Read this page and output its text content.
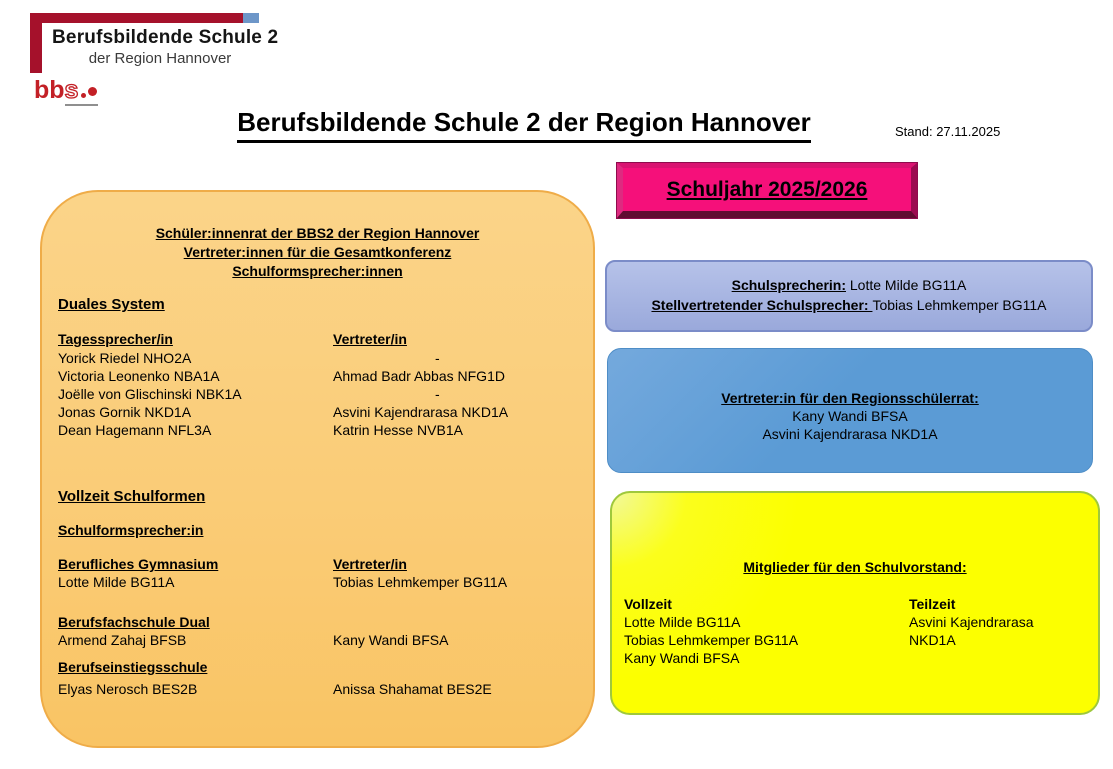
Berufsbildende Schule 2
der Region Hannover
bbs
Berufsbildende Schule 2 der Region Hannover	Stand: 27.11.2025
Schuljahr 2025/2026
Schüler:innenrat der BBS2 der Region Hannover
Vertreter:innen für die Gesamtkonferenz
Schulformsprecher:innen
Duales System
Tagessprecher/in	Vertreter/in
Yorick Riedel NHO2A	-
Victoria Leonenko NBA1A	Ahmad Badr Abbas NFG1D
Joëlle von Glischinski NBK1A	-
Jonas Gornik NKD1A	Asvini Kajendrarasa NKD1A
Dean Hagemann NFL3A	Katrin Hesse NVB1A
Vollzeit Schulformen
Schulformsprecher:in
Berufliches Gymnasium	Vertreter/in
Lotte Milde BG11A	Tobias Lehmkemper BG11A
Berufsfachschule Dual
Armend Zahaj BFSB	Kany Wandi BFSA
Berufseinstiegsschule
Elyas Nerosch BES2B	Anissa Shahamat BES2E
Schulsprecherin: Lotte Milde BG11A
Stellvertretender Schulsprecher: Tobias Lehmkemper BG11A
Vertreter:in für den Regionsschülerrat:
Kany Wandi BFSA
Asvini Kajendrarasa NKD1A
Mitglieder für den Schulvorstand:
Vollzeit
Lotte Milde BG11A
Tobias Lehmkemper BG11A
Kany Wandi BFSA
Teilzeit
Asvini Kajendrarasa
NKD1A
